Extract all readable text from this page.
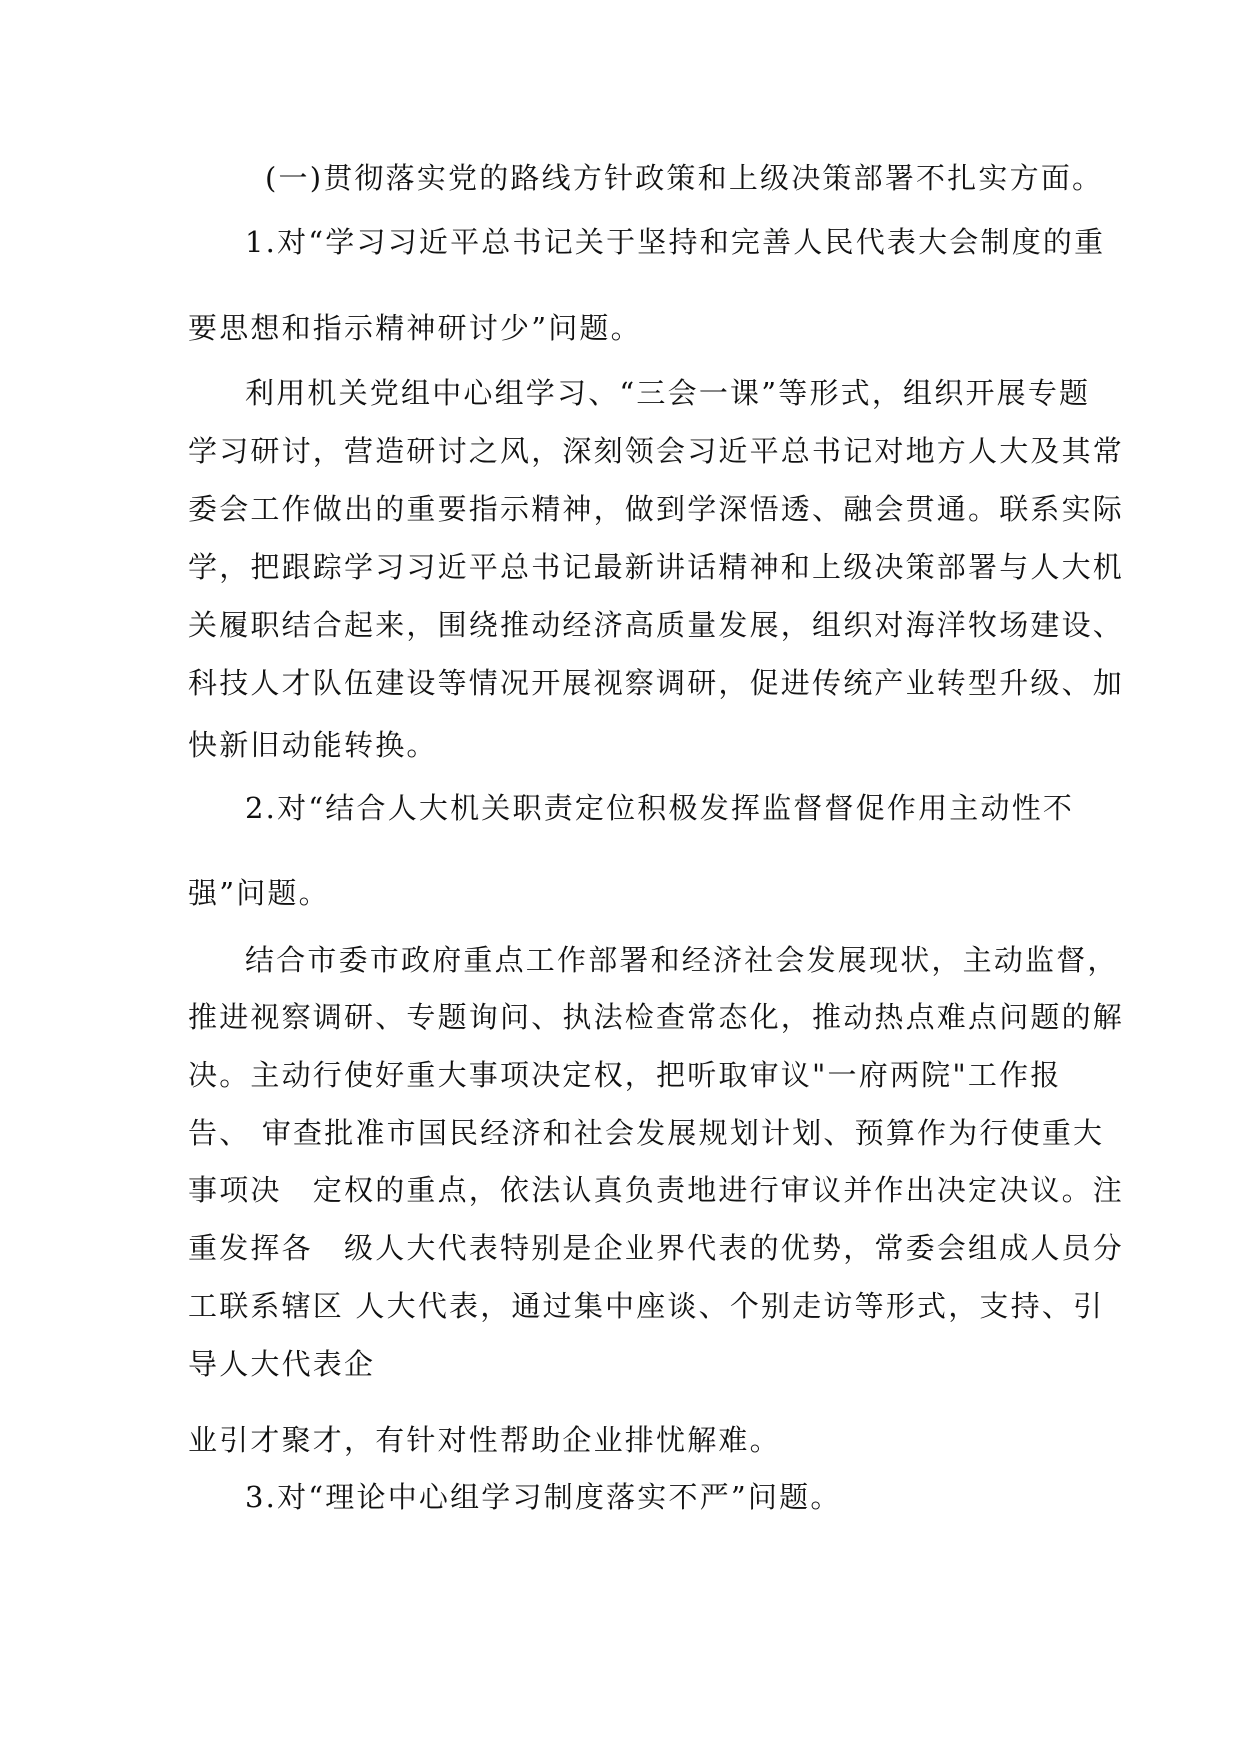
(一)贯彻落实党的路线方针政策和上级决策部署不扎实方面。
1.对“学习习近平总书记关于坚持和完善人民代表大会制度的重
要思想和指示精神研讨少”问题。
利用机关党组中心组学习、“三会一课”等形式，组织开展专题
学习研讨，营造研讨之风，深刻领会习近平总书记对地方人大及其常
委会工作做出的重要指示精神，做到学深悟透、融会贯通。联系实际
学，把跟踪学习习近平总书记最新讲话精神和上级决策部署与人大机
关履职结合起来，围绕推动经济高质量发展，组织对海洋牧场建设、
科技人才队伍建设等情况开展视察调研，促进传统产业转型升级、加
快新旧动能转换。
2.对“结合人大机关职责定位积极发挥监督督促作用主动性不
强”问题。
结合市委市政府重点工作部署和经济社会发展现状，主动监督，
推进视察调研、专题询问、执法检查常态化，推动热点难点问题的解
决。主动行使好重大事项决定权，把听取审议"一府两院"工作报
告、 审查批准市国民经济和社会发展规划计划、预算作为行使重大
事项决　定权的重点，依法认真负责地进行审议并作出决定决议。注
重发挥各　级人大代表特别是企业界代表的优势，常委会组成人员分
工联系辖区 人大代表，通过集中座谈、个别走访等形式，支持、引
导人大代表企
业引才聚才，有针对性帮助企业排忧解难。
3.对“理论中心组学习制度落实不严”问题。
